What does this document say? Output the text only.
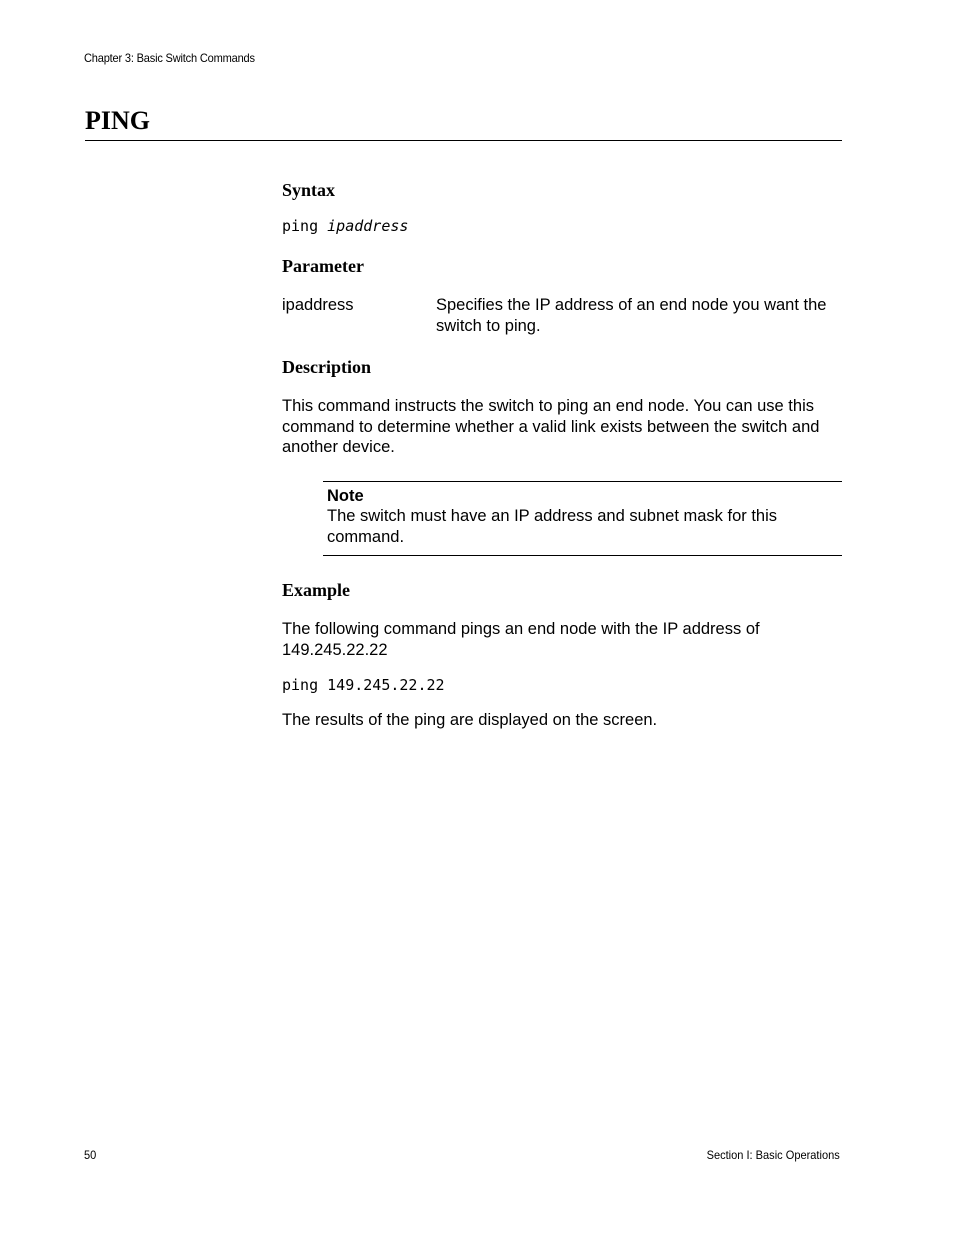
Chapter 3: Basic Switch Commands
PING
Syntax
ping ipaddress
Parameter
ipaddress	Specifies the IP address of an end node you want the switch to ping.
Description
This command instructs the switch to ping an end node. You can use this command to determine whether a valid link exists between the switch and another device.
Note
The switch must have an IP address and subnet mask for this command.
Example
The following command pings an end node with the IP address of 149.245.22.22
ping 149.245.22.22
The results of the ping are displayed on the screen.
50	Section I: Basic Operations
